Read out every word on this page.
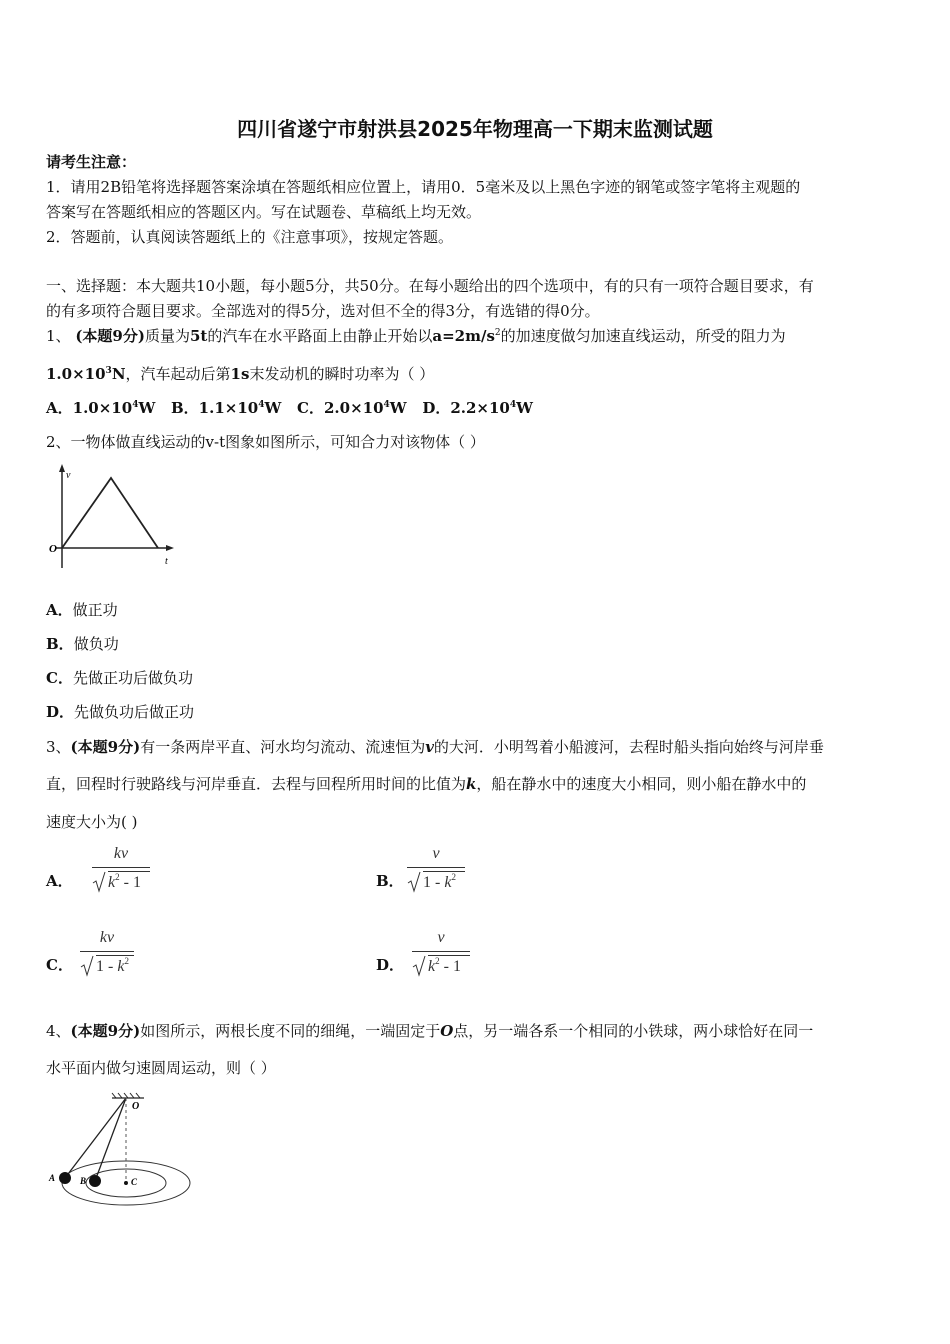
四川省遂宁市射洪县2025年物理高一下期末监测试题
请考生注意：
1．请用2B铅笔将选择题答案涂填在答题纸相应位置上，请用0．5毫米及以上黑色字迹的钢笔或签字笔将主观题的
答案写在答题纸相应的答题区内。写在试题卷、草稿纸上均无效。
2．答题前，认真阅读答题纸上的《注意事项》，按规定答题。
一、选择题：本大题共10小题，每小题5分，共50分。在每小题给出的四个选项中，有的只有一项符合题目要求，有
的有多项符合题目要求。全部选对的得5分，选对但不全的得3分，有选错的得0分。
1、 (本题9分)质量为5t的汽车在水平路面上由静止开始以$a=2m/s^2$的加速度做匀加速直线运动，所受的阻力为
$1.0\times 10^3N$，汽车起动后第1s末发动机的瞬时功率为（ ）
A．$1.0\times 10^4W$ B．$1.1\times 10^4W$ C．$2.0\times 10^4W$ D．$2.2\times 10^4W$
2、一物体做直线运动的v-t图象如图所示，可知合力对该物体（ ）
v
O
t
A．做正功
B．做负功
C．先做正功后做负功
D．先做负功后做正功
3、(本题9分)有一条两岸平直、河水均匀流动、流速恒为v的大河．小明驾着小船渡河，去程时船头指向始终与河岸垂
直，回程时行驶路线与河岸垂直．去程与回程所用时间的比值为k，船在静水中的速度大小相同，则小船在静水中的
速度大小为( )
A． $\frac{kv}{k^2 - 1}$	B． $\frac{v}{1 - k^2}$
C． $\frac{kv}{1 - k^2}$	D． $\frac{v}{k^2 - 1}$
4、(本题9分)如图所示，两根长度不同的细绳，一端固定于O点，另一端各系一个相同的小铁球，两小球恰好在同一
水平面内做匀速圆周运动，则（ ）
O
A	B	C
